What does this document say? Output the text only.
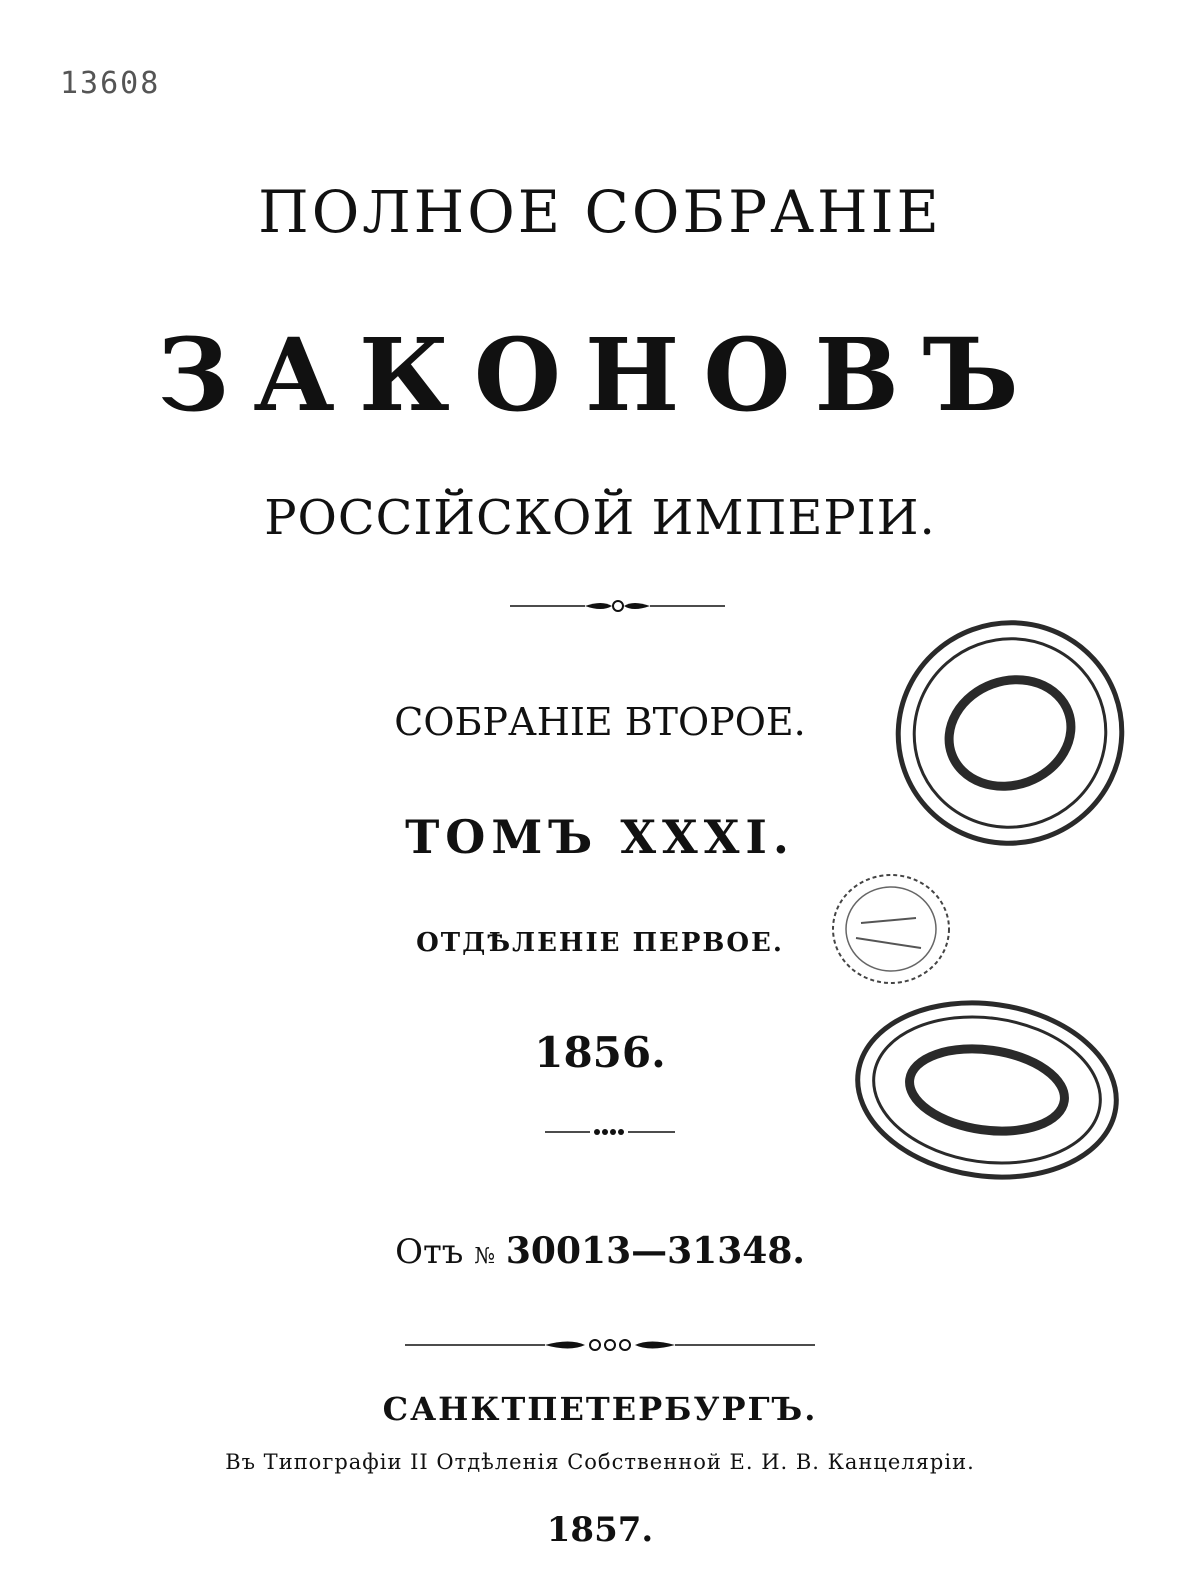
13608
ПОЛНОЕ СОБРАНІЕ
ЗАКОНОВЪ
РОССІЙСКОЙ ИМПЕРІИ.
СОБРАНІЕ ВТОРОЕ.
ТОМЪ XXXI.
ОТДѢЛЕНІЕ ПЕРВОЕ.
1856.
Отъ № 30013—31348.
САНКТПЕТЕРБУРГЪ.
Въ Типографіи II Отдѣленія Собственной Е. И. В. Канцеляріи.
1857.
